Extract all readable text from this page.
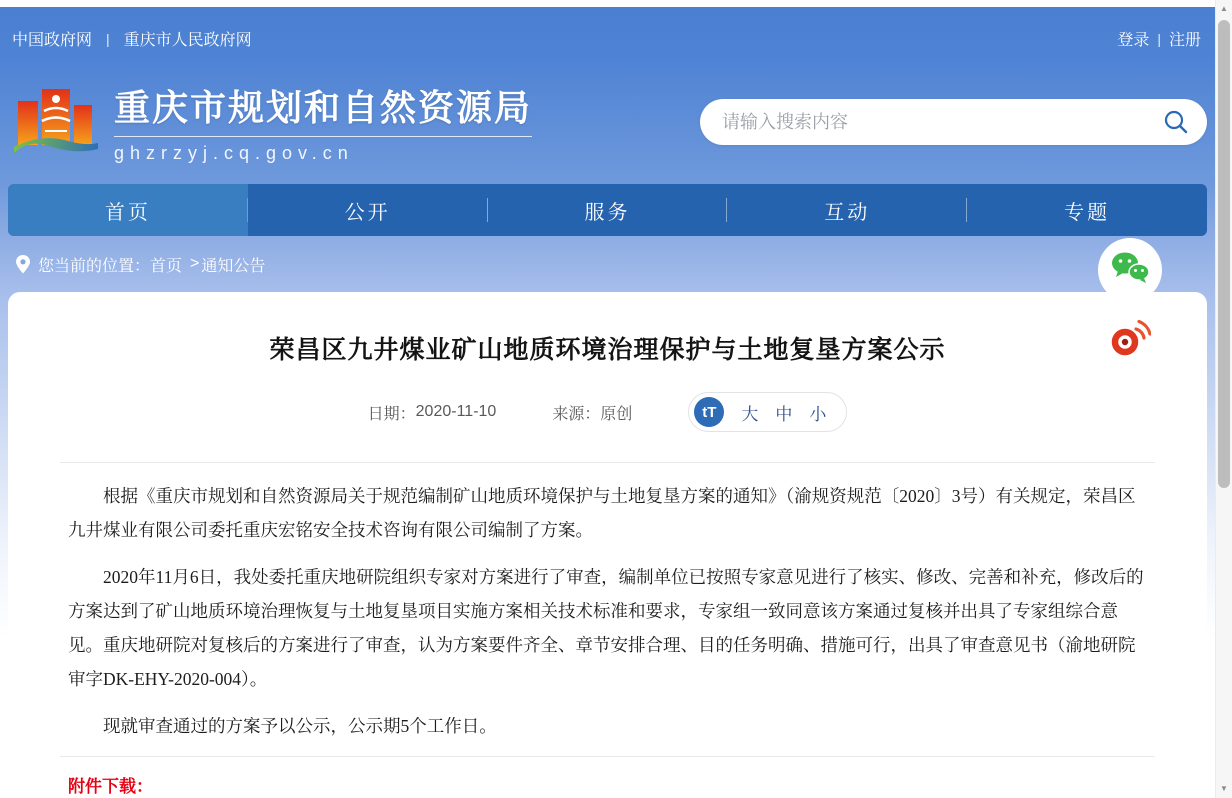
中国政府网 | 重庆市人民政府网	登录 | 注册
重庆市规划和自然资源局
ghzrzyj.cq.gov.cn
请输入搜索内容
首页	公开	服务	互动	专题
您当前的位置： 首页 > 通知公告
荣昌区九井煤业矿山地质环境治理保护与土地复垦方案公示
日期： 2020-11-10	来源： 原创	tT	大 中 小

根据《重庆市规划和自然资源局关于规范编制矿山地质环境保护与土地复垦方案的通知》（渝规资规范〔2020〕3号）有关规定，荣昌区九井煤业有限公司委托重庆宏铭安全技术咨询有限公司编制了方案。

2020年11月6日，我处委托重庆地研院组织专家对方案进行了审查，编制单位已按照专家意见进行了核实、修改、完善和补充，修改后的方案达到了矿山地质环境治理恢复与土地复垦项目实施方案相关技术标准和要求，专家组一致同意该方案通过复核并出具了专家组综合意见。重庆地研院对复核后的方案进行了审查，认为方案要件齐全、章节安排合理、目的任务明确、措施可行，出具了审查意见书（渝地研院审字DK-EHY-2020-004）。

现就审查通过的方案予以公示，公示期5个工作日。

附件下载：
▲
▼
